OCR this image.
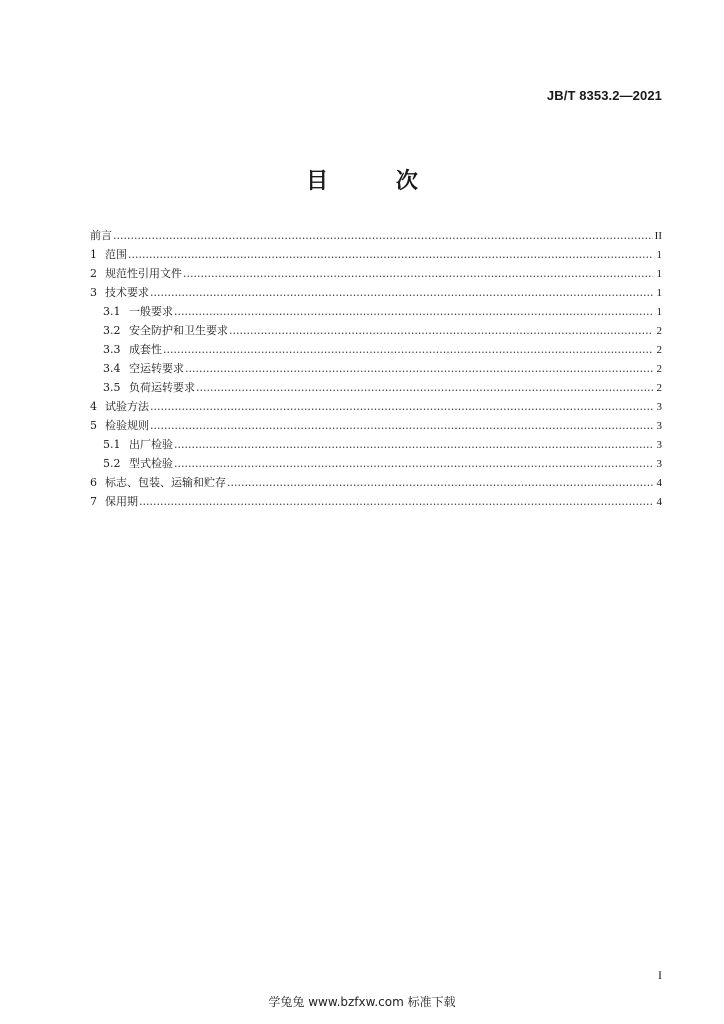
JB/T 8353.2—2021
目 次
前言 .....	II
1 范围 .....	1
2 规范性引用文件 .....	1
3 技术要求 .....	1
3.1 一般要求 .....	1
3.2 安全防护和卫生要求 .....	2
3.3 成套性 .....	2
3.4 空运转要求 .....	2
3.5 负荷运转要求 .....	2
4 试验方法 .....	3
5 检验规则 .....	3
5.1 出厂检验 .....	3
5.2 型式检验 .....	3
6 标志、包装、运输和贮存 .....	4
7 保用期 .....	4
I
学兔兔 www.bzfxw.com 标准下载
